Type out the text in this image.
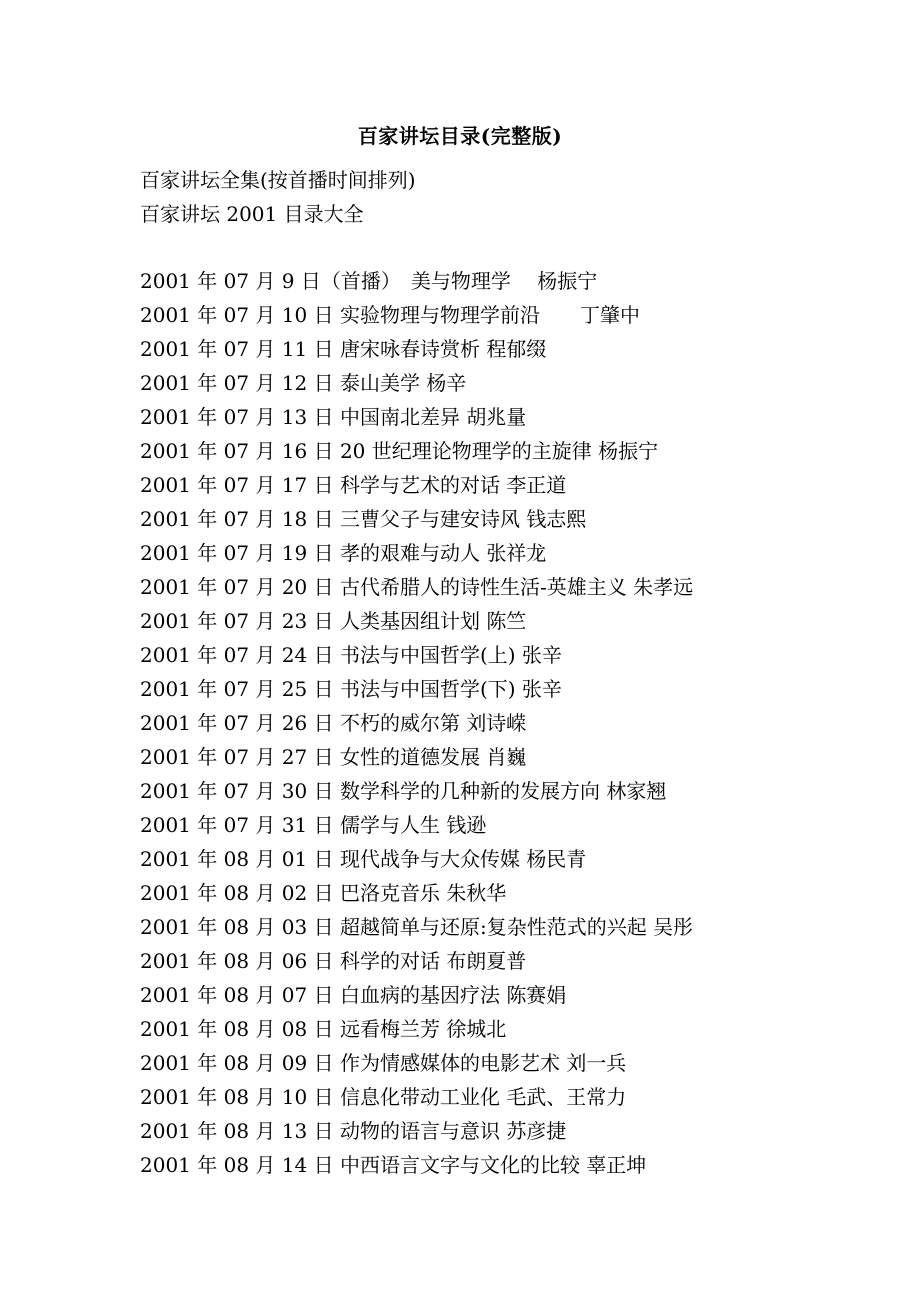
百家讲坛目录(完整版)
百家讲坛全集(按首播时间排列)
百家讲坛 2001 目录大全
2001 年 07 月 9 日（首播）　 美与物理学　 杨振宁
2001 年 07 月 10 日 实验物理与物理学前沿　　 丁肇中
2001 年 07 月 11 日 唐宋咏春诗赏析 程郁缀
2001 年 07 月 12 日 泰山美学 杨辛
2001 年 07 月 13 日 中国南北差异 胡兆量
2001 年 07 月 16 日 20 世纪理论物理学的主旋律 杨振宁
2001 年 07 月 17 日 科学与艺术的对话 李正道
2001 年 07 月 18 日 三曹父子与建安诗风 钱志熙
2001 年 07 月 19 日 孝的艰难与动人 张祥龙
2001 年 07 月 20 日 古代希腊人的诗性生活-英雄主义 朱孝远
2001 年 07 月 23 日 人类基因组计划 陈竺
2001 年 07 月 24 日 书法与中国哲学(上) 张辛
2001 年 07 月 25 日 书法与中国哲学(下) 张辛
2001 年 07 月 26 日 不朽的威尔第 刘诗嵘
2001 年 07 月 27 日 女性的道德发展 肖巍
2001 年 07 月 30 日 数学科学的几种新的发展方向 林家翘
2001 年 07 月 31 日 儒学与人生 钱逊
2001 年 08 月 01 日 现代战争与大众传媒 杨民青
2001 年 08 月 02 日 巴洛克音乐 朱秋华
2001 年 08 月 03 日 超越简单与还原:复杂性范式的兴起 吴彤
2001 年 08 月 06 日 科学的对话 布朗夏普
2001 年 08 月 07 日 白血病的基因疗法 陈赛娟
2001 年 08 月 08 日 远看梅兰芳 徐城北
2001 年 08 月 09 日 作为情感媒体的电影艺术 刘一兵
2001 年 08 月 10 日 信息化带动工业化 毛武、王常力
2001 年 08 月 13 日 动物的语言与意识 苏彦捷
2001 年 08 月 14 日 中西语言文字与文化的比较 辜正坤
